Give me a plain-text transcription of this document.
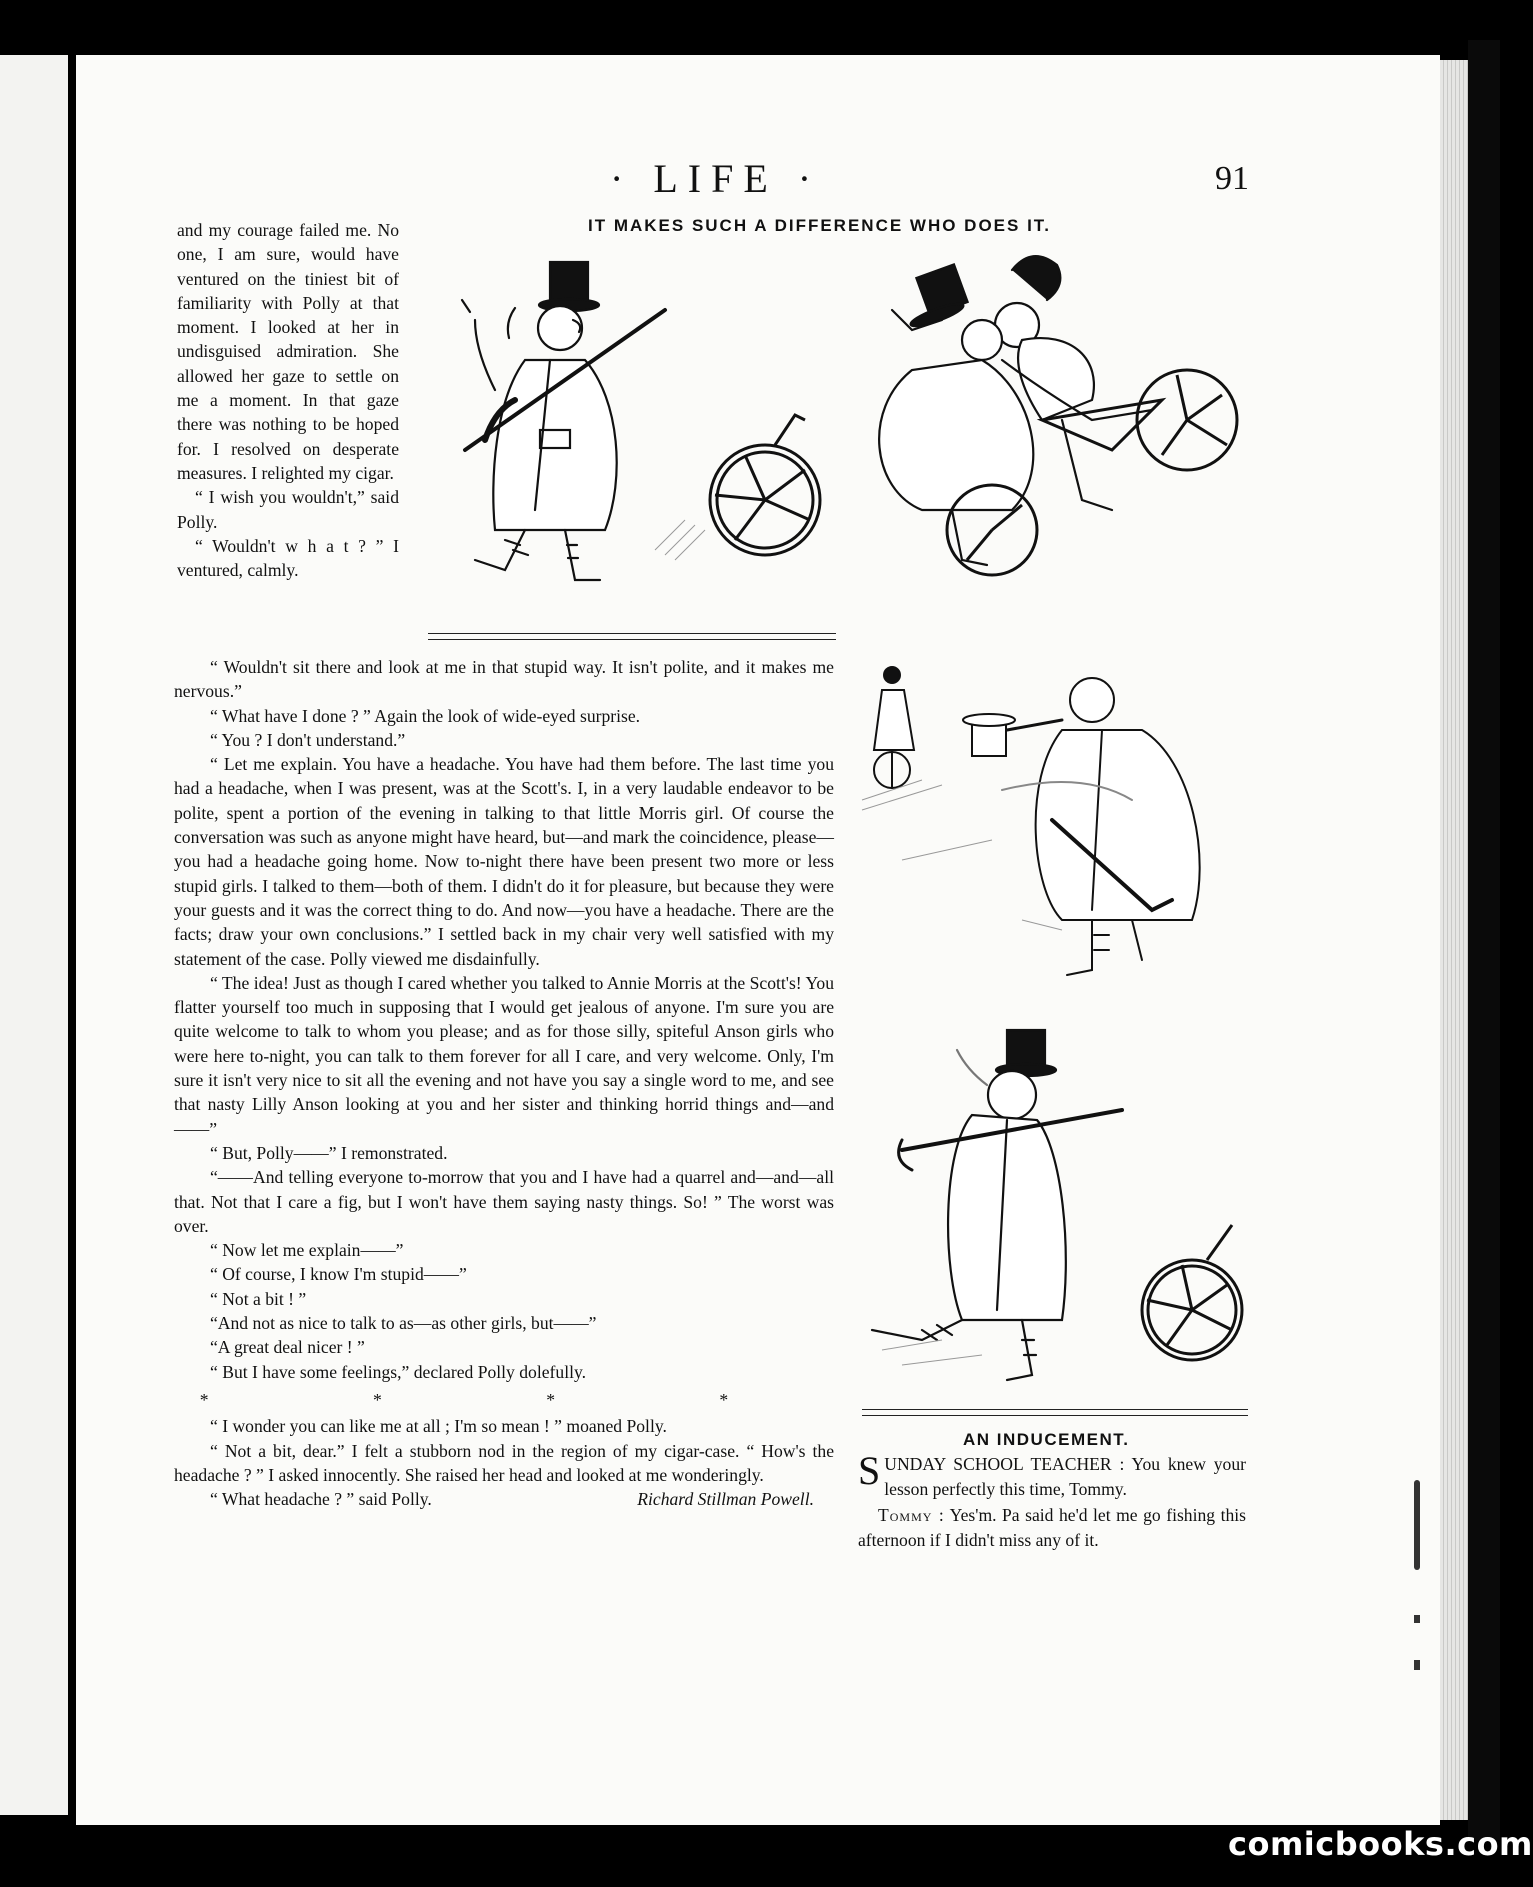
· LIFE ·	91
IT MAKES SUCH A DIFFERENCE WHO DOES IT.

and my courage failed me. No one, I am sure, would have ventured on the tiniest bit of familiarity with Polly at that moment. I looked at her in undisguised admiration. She allowed her gaze to settle on me a moment. In that gaze there was nothing to be hoped for. I resolved on desperate measures. I relighted my cigar.

“ I wish you wouldn't,” said Polly.

“ Wouldn't w h a t ? ” I ventured, calmly.

“ Wouldn't sit there and look at me in that stupid way. It isn't polite, and it makes me nervous.”

“ What have I done ? ” Again the look of wide-eyed surprise.

“ You ? I don't understand.”

“ Let me explain. You have a headache. You have had them before. The last time you had a headache, when I was present, was at the Scott's. I, in a very laudable endeavor to be polite, spent a portion of the evening in talking to that little Morris girl. Of course the conversation was such as anyone might have heard, but—and mark the coincidence, please—you had a headache going home. Now to-night there have been present two more or less stupid girls. I talked to them—both of them. I didn't do it for pleasure, but because they were your guests and it was the correct thing to do. And now—you have a headache. There are the facts; draw your own conclusions.” I settled back in my chair very well satisfied with my statement of the case. Polly viewed me disdainfully.

“ The idea! Just as though I cared whether you talked to Annie Morris at the Scott's! You flatter yourself too much in supposing that I would get jealous of anyone. I'm sure you are quite welcome to talk to whom you please; and as for those silly, spiteful Anson girls who were here to-night, you can talk to them forever for all I care, and very welcome. Only, I'm sure it isn't very nice to sit all the evening and not have you say a single word to me, and see that nasty Lilly Anson looking at you and her sister and thinking horrid things and—and——”

“ But, Polly——” I remonstrated.

“——And telling everyone to-morrow that you and I have had a quarrel and—and—all that. Not that I care a fig, but I won't have them saying nasty things. So! ” The worst was over.

“ Now let me explain——”

“ Of course, I know I'm stupid——”

“ Not a bit ! ”

“And not as nice to talk to as—as other girls, but——”

“A great deal nicer ! ”

“ But I have some feelings,” declared Polly dolefully.

* * * *

“ I wonder you can like me at all ; I'm so mean ! ” moaned Polly.

“ Not a bit, dear.” I felt a stubborn nod in the region of my cigar-case. “ How's the headache ? ” I asked innocently. She raised her head and looked at me wonderingly.

“ What headache ? ” said Polly.	Richard Stillman Powell.

AN INDUCEMENT.

SUNDAY SCHOOL TEACHER : You knew your lesson perfectly this time, Tommy.

Tommy : Yes'm. Pa said he'd let me go fishing this afternoon if I didn't miss any of it.

comicbooks.com
